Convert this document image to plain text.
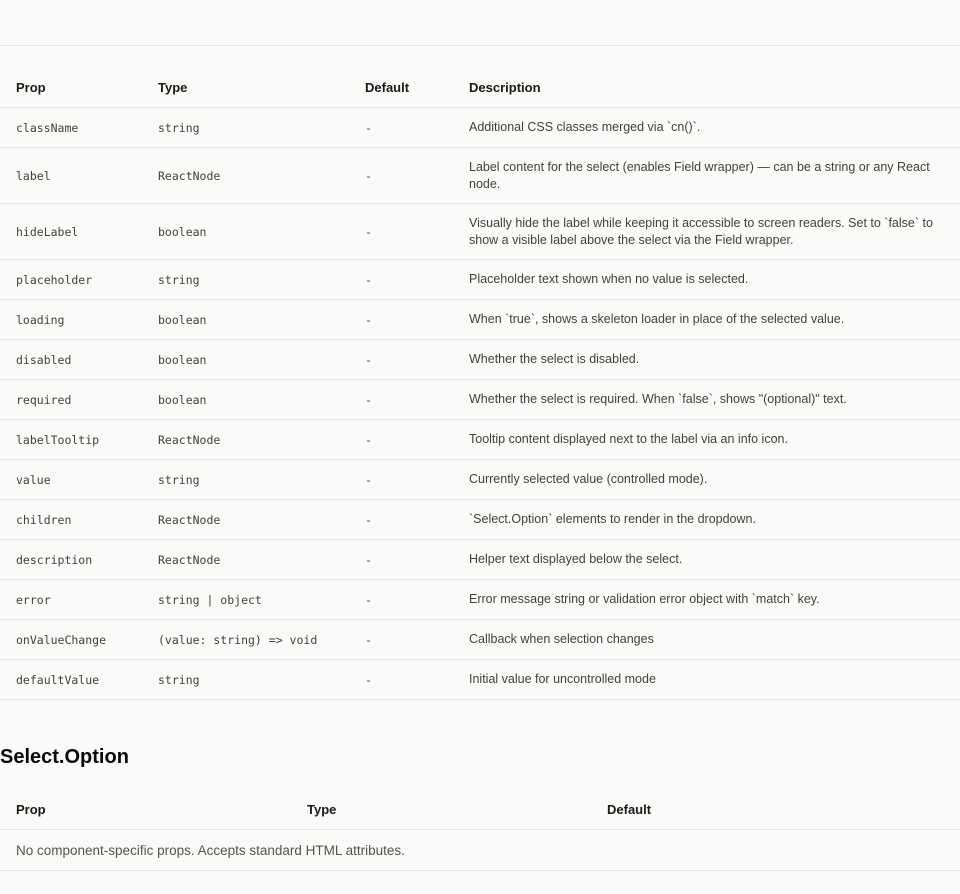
Prop	Type	Default	Description
className	string	-	Additional CSS classes merged via `cn()`.
label	ReactNode	-	Label content for the select (enables Field wrapper) — can be a string or any React node.
hideLabel	boolean	-	Visually hide the label while keeping it accessible to screen readers. Set to `false` to show a visible label above the select via the Field wrapper.
placeholder	string	-	Placeholder text shown when no value is selected.
loading	boolean	-	When `true`, shows a skeleton loader in place of the selected value.
disabled	boolean	-	Whether the select is disabled.
required	boolean	-	Whether the select is required. When `false`, shows "(optional)" text.
labelTooltip	ReactNode	-	Tooltip content displayed next to the label via an info icon.
value	string	-	Currently selected value (controlled mode).
children	ReactNode	-	`Select.Option` elements to render in the dropdown.
description	ReactNode	-	Helper text displayed below the select.
error	string | object	-	Error message string or validation error object with `match` key.
onValueChange	(value: string) => void	-	Callback when selection changes
defaultValue	string	-	Initial value for uncontrolled mode
Select.Option
Prop	Type	Default
No component-specific props. Accepts standard HTML attributes.
